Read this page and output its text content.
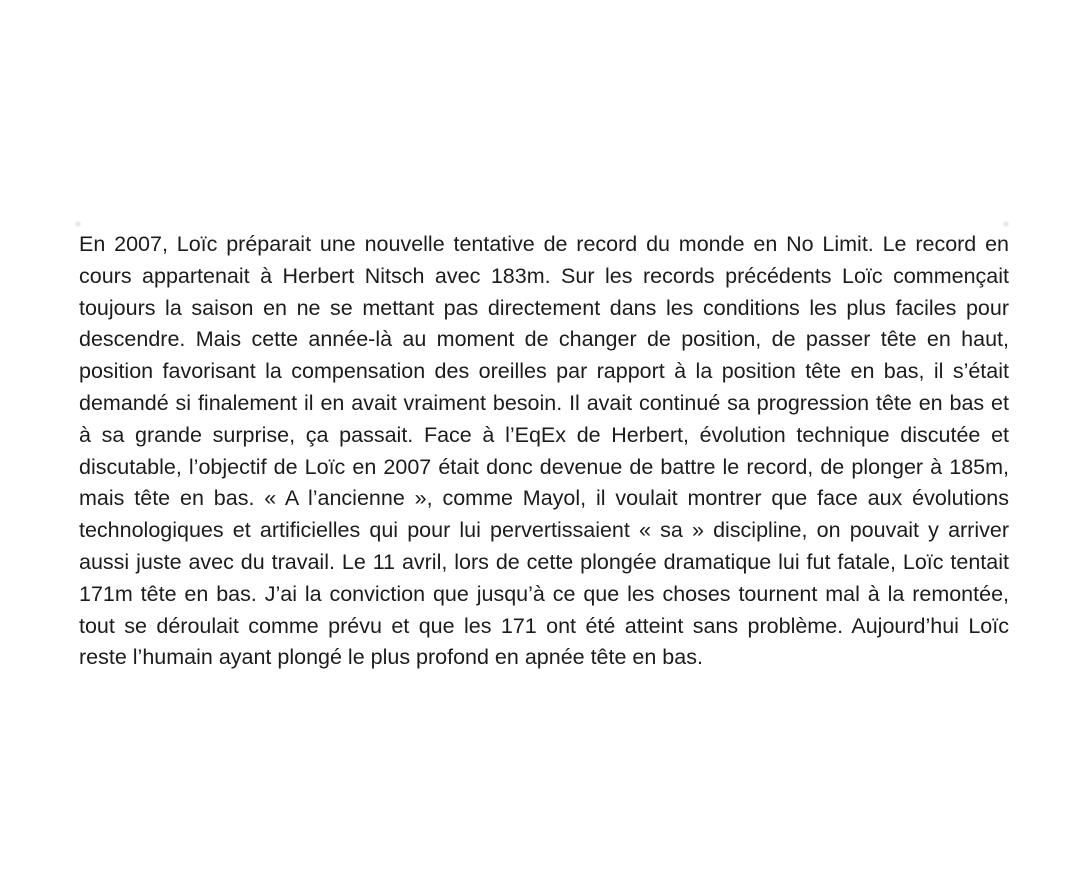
En 2007, Loïc préparait une nouvelle tentative de record du monde en No Limit. Le record en cours appartenait à Herbert Nitsch avec 183m. Sur les records précédents Loïc commençait toujours la saison en ne se mettant pas directement dans les conditions les plus faciles pour descendre. Mais cette année-là au moment de changer de position, de passer tête en haut, position favorisant la compensation des oreilles par rapport à la position tête en bas, il s’était demandé si finalement il en avait vraiment besoin. Il avait continué sa progression tête en bas et à sa grande surprise, ça passait. Face à l’EqEx de Herbert, évolution technique discutée et discutable, l’objectif de Loïc en 2007 était donc devenue de battre le record, de plonger à 185m, mais tête en bas. « A l’ancienne », comme Mayol, il voulait montrer que face aux évolutions technologiques et artificielles qui pour lui pervertissaient « sa » discipline, on pouvait y arriver aussi juste avec du travail. Le 11 avril, lors de cette plongée dramatique lui fut fatale, Loïc tentait 171m tête en bas. J’ai la conviction que jusqu’à ce que les choses tournent mal à la remontée, tout se déroulait comme prévu et que les 171 ont été atteint sans problème. Aujourd’hui Loïc reste l’humain ayant plongé le plus profond en apnée tête en bas.
